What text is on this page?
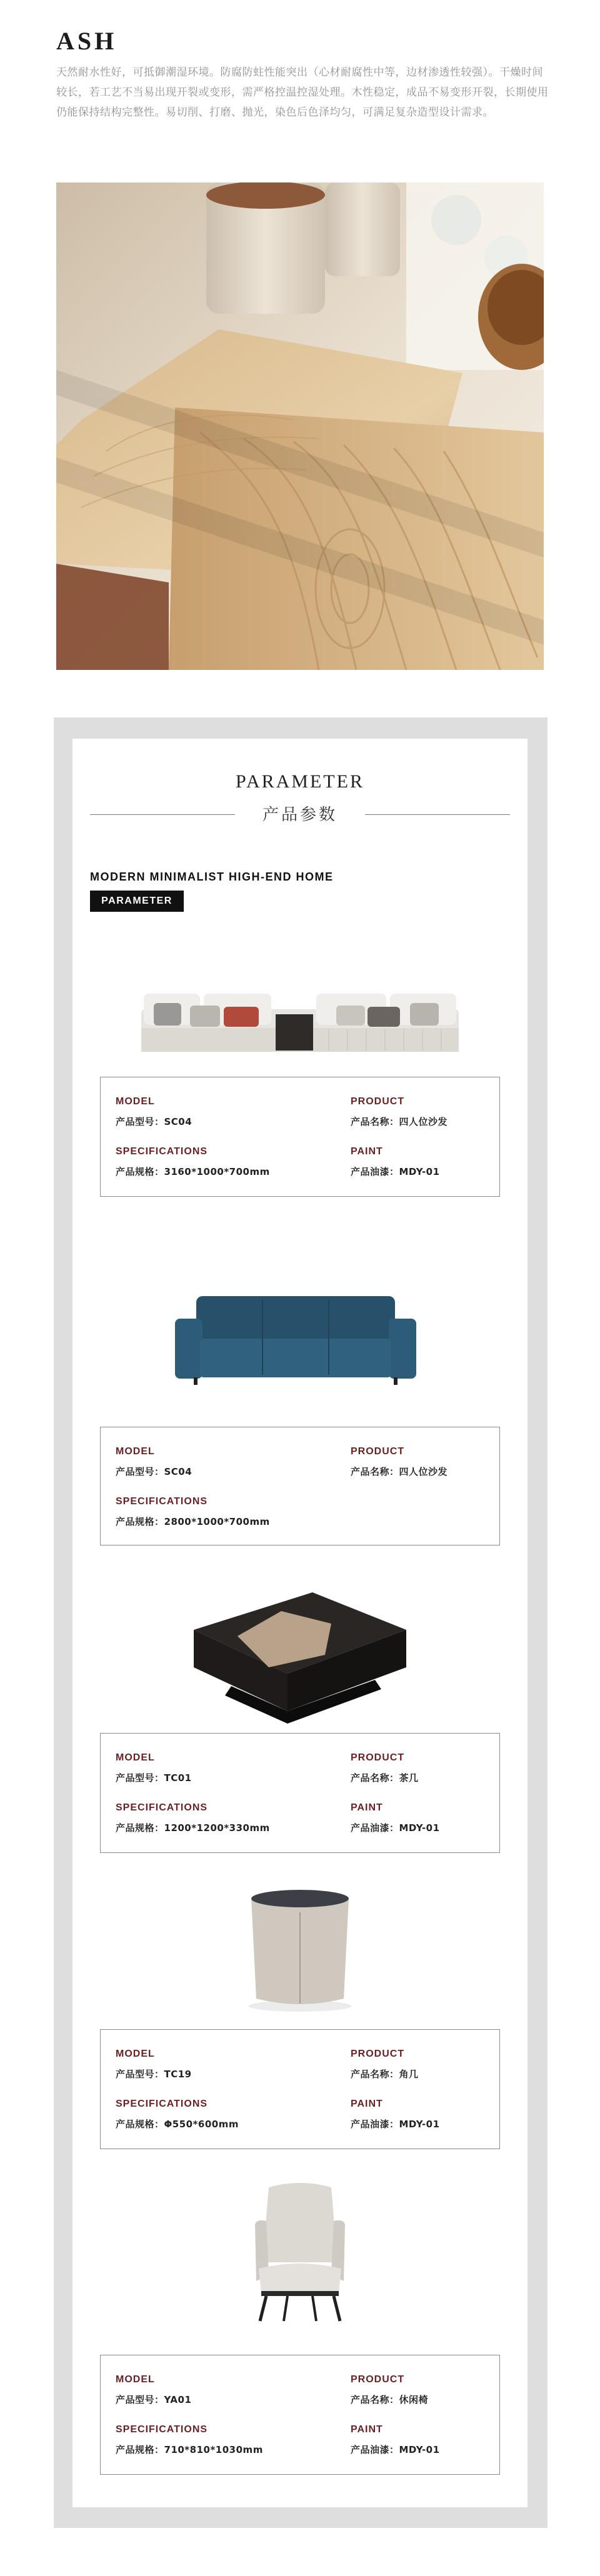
ASH
天然耐水性好，可抵御潮湿环境。防腐防蛀性能突出（心材耐腐性中等，边材渗透性较强）。干燥时间较长，若工艺不当易出现开裂或变形，需严格控温控湿处理。木性稳定，成品不易变形开裂，长期使用仍能保持结构完整性。易切削、打磨、抛光，染色后色泽均匀，可满足复杂造型设计需求。
PARAMETER
产品参数
MODERN MINIMALIST HIGH-END HOME
PARAMETER
MODEL
产品型号：SC04
PRODUCT
产品名称：四人位沙发
SPECIFICATIONS
产品规格：3160*1000*700mm
PAINT
产品油漆：MDY-01
MODEL
产品型号：SC04
PRODUCT
产品名称：四人位沙发
SPECIFICATIONS
产品规格：2800*1000*700mm
MODEL
产品型号：TC01
PRODUCT
产品名称：茶几
SPECIFICATIONS
产品规格：1200*1200*330mm
PAINT
产品油漆：MDY-01
MODEL
产品型号：TC19
PRODUCT
产品名称：角几
SPECIFICATIONS
产品规格：Φ550*600mm
PAINT
产品油漆：MDY-01
MODEL
产品型号：YA01
PRODUCT
产品名称：休闲椅
SPECIFICATIONS
产品规格：710*810*1030mm
PAINT
产品油漆：MDY-01
